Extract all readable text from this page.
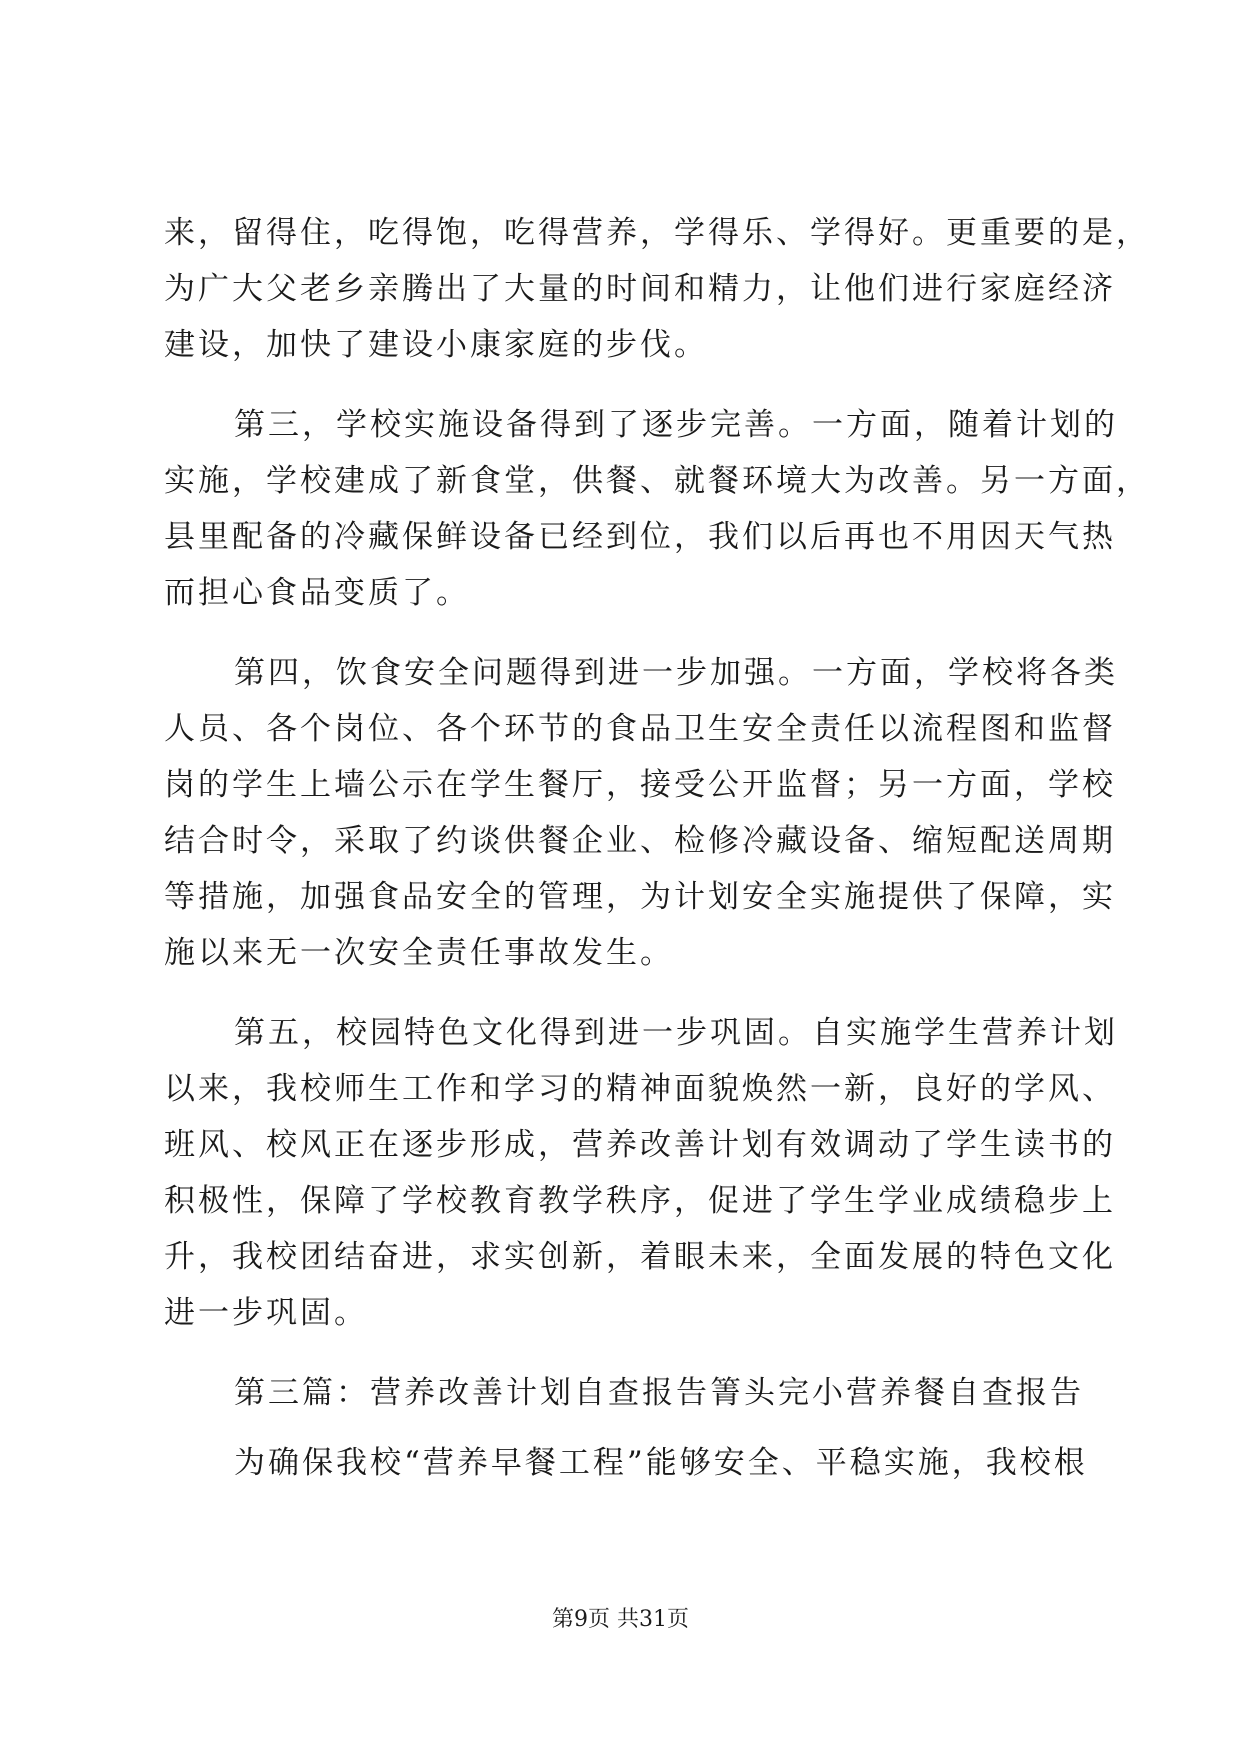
来，留得住，吃得饱，吃得营养，学得乐、学得好。更重要的是，
为广大父老乡亲腾出了大量的时间和精力，让他们进行家庭经济
建设，加快了建设小康家庭的步伐。
第三，学校实施设备得到了逐步完善。一方面，随着计划的
实施，学校建成了新食堂，供餐、就餐环境大为改善。另一方面，
县里配备的冷藏保鲜设备已经到位，我们以后再也不用因天气热
而担心食品变质了。
第四，饮食安全问题得到进一步加强。一方面，学校将各类
人员、各个岗位、各个环节的食品卫生安全责任以流程图和监督
岗的学生上墙公示在学生餐厅，接受公开监督；另一方面，学校
结合时令，采取了约谈供餐企业、检修冷藏设备、缩短配送周期
等措施，加强食品安全的管理，为计划安全实施提供了保障，实
施以来无一次安全责任事故发生。
第五，校园特色文化得到进一步巩固。自实施学生营养计划
以来，我校师生工作和学习的精神面貌焕然一新，良好的学风、
班风、校风正在逐步形成，营养改善计划有效调动了学生读书的
积极性，保障了学校教育教学秩序，促进了学生学业成绩稳步上
升，我校团结奋进，求实创新，着眼未来，全面发展的特色文化
进一步巩固。
第三篇：营养改善计划自查报告箐头完小营养餐自查报告
为确保我校“营养早餐工程”能够安全、平稳实施，我校根
第9页 共31页
